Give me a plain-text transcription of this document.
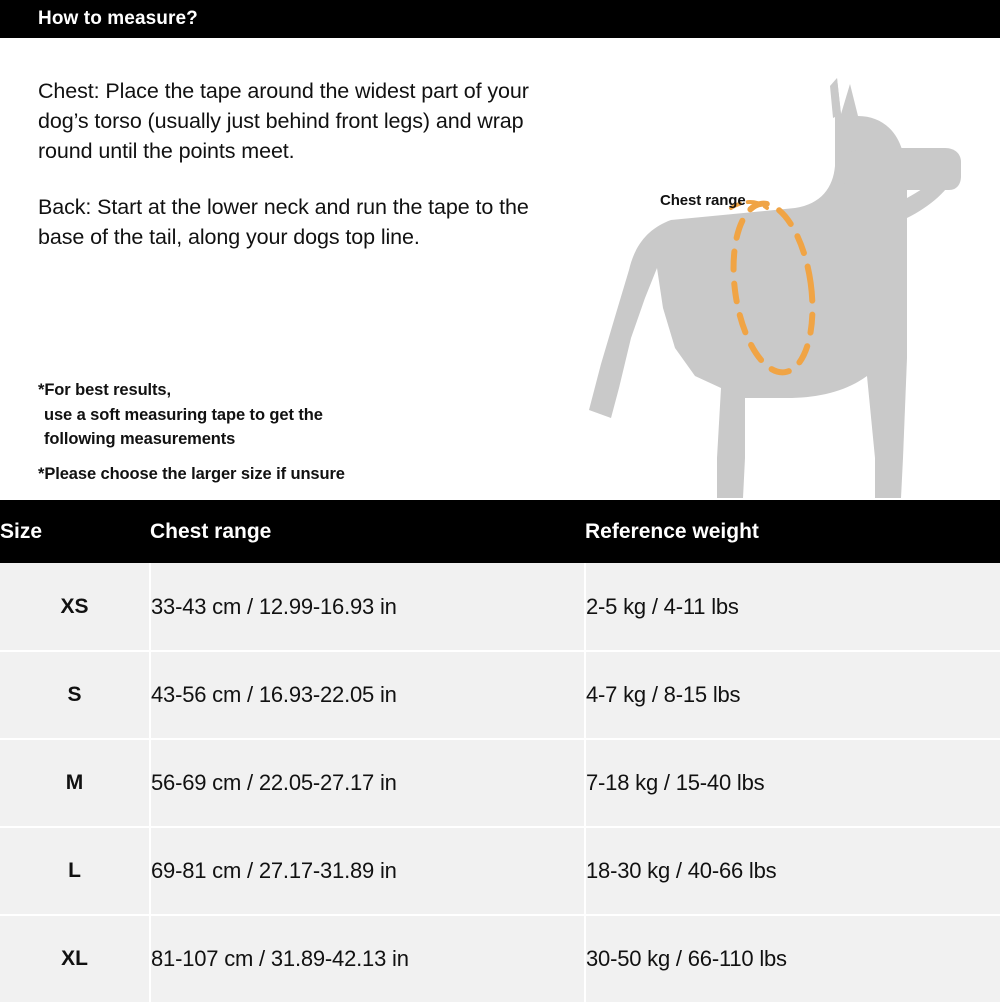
How to measure?

Chest: Place the tape around the widest part of your dog’s torso (usually just behind front legs) and wrap round until the points meet.

Back: Start at the lower neck and run the tape to the base of the tail, along your dogs top line.

*For best results,

use a soft measuring tape to get the

following measurements

*Please choose the larger size if unsure

Chest range
Size	Chest range	Reference weight
XS	33-43 cm / 12.99-16.93 in	2-5 kg / 4-11 lbs
S	43-56 cm / 16.93-22.05 in	4-7 kg / 8-15 lbs
M	56-69 cm / 22.05-27.17 in	7-18 kg / 15-40 lbs
L	69-81 cm / 27.17-31.89 in	18-30 kg / 40-66 lbs
XL	81-107 cm / 31.89-42.13 in	30-50 kg / 66-110 lbs
